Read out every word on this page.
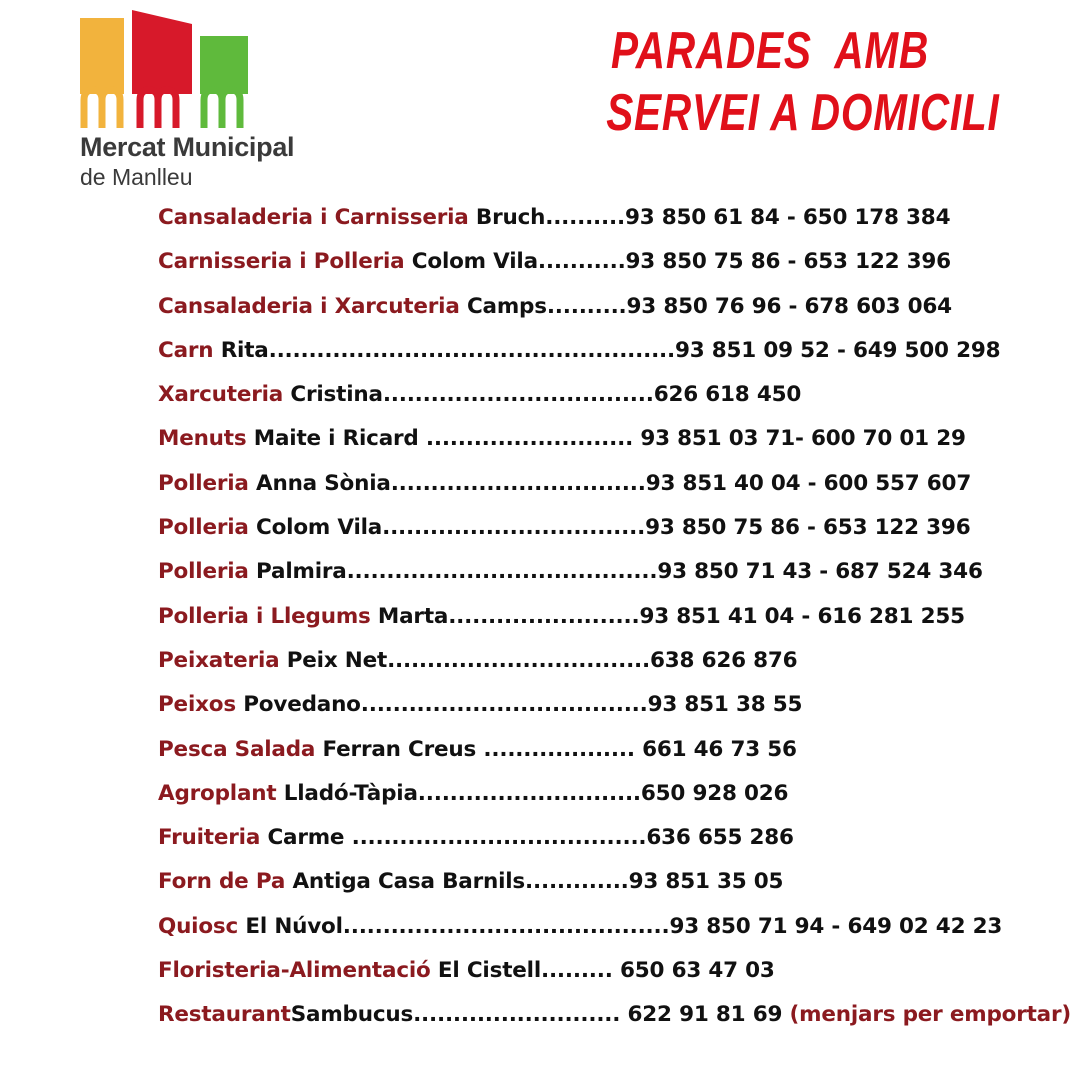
Mercat Municipal
de Manlleu
PARADES  AMB
SERVEI A DOMICILI
Cansaladeria i Carnisseria Bruch..........93 850 61 84 - 650 178 384
Carnisseria i Polleria Colom Vila...........93 850 75 86 - 653 122 396
Cansaladeria i Xarcuteria Camps..........93 850 76 96 - 678 603 064
Carn Rita...................................................93 851 09 52 - 649 500 298
Xarcuteria Cristina..................................626 618 450
Menuts Maite i Ricard .......................... 93 851 03 71- 600 70 01 29
Polleria Anna Sònia................................93 851 40 04 - 600 557 607
Polleria Colom Vila.................................93 850 75 86 - 653 122 396
Polleria Palmira.......................................93 850 71 43 - 687 524 346
Polleria i Llegums Marta........................93 851 41 04 - 616 281 255
Peixateria Peix Net.................................638 626 876
Peixos Povedano....................................93 851 38 55
Pesca Salada Ferran Creus ................... 661 46 73 56
Agroplant Lladó-Tàpia............................650 928 026
Fruiteria Carme .....................................636 655 286
Forn de Pa Antiga Casa Barnils.............93 851 35 05
Quiosc El Núvol.........................................93 850 71 94 - 649 02 42 23
Floristeria-Alimentació El Cistell......... 650 63 47 03
RestaurantSambucus.......................... 622 91 81 69 (menjars per emportar)
